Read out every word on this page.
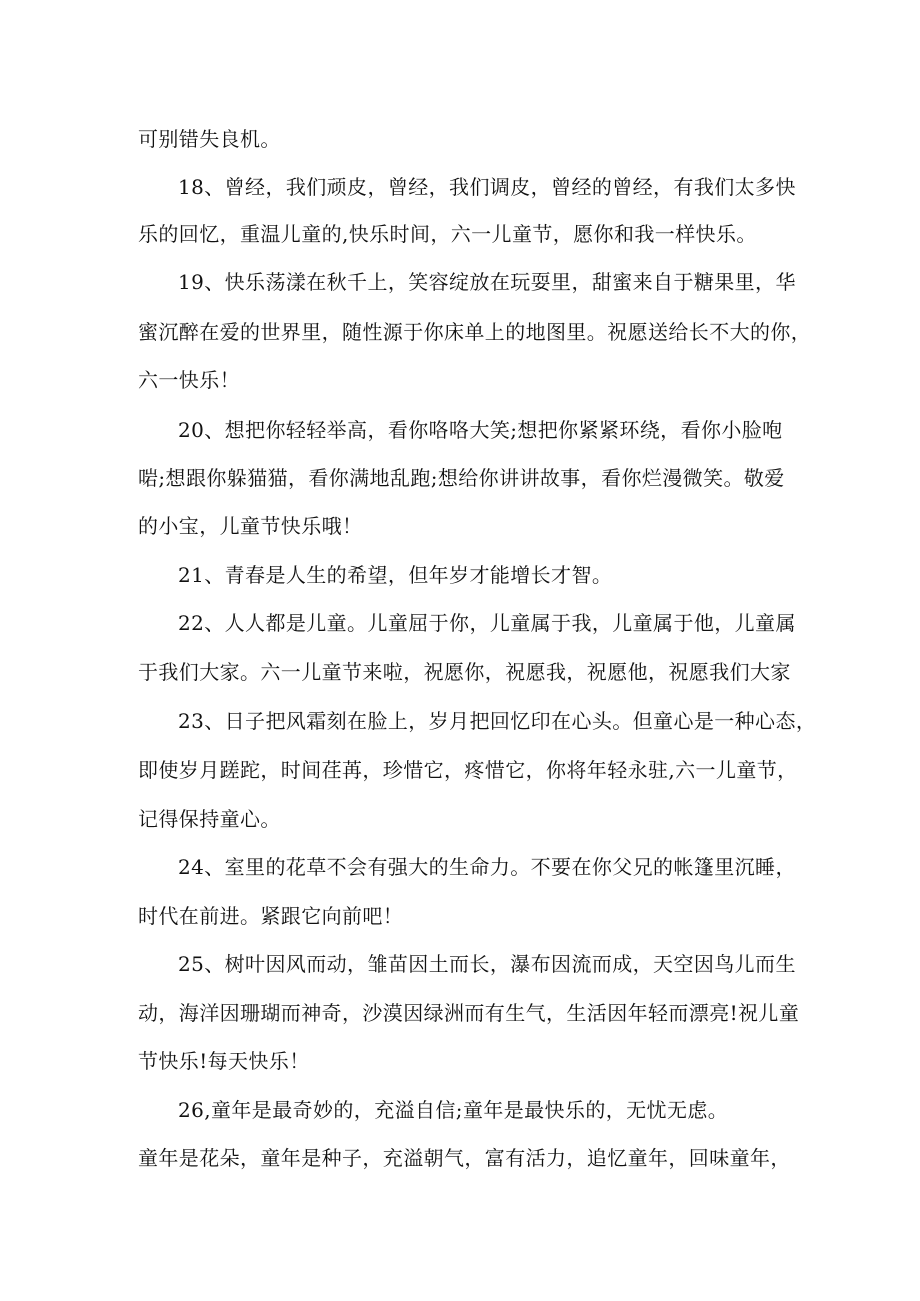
可别错失良机。
18、曾经，我们顽皮，曾经，我们调皮，曾经的曾经，有我们太多快
乐的回忆，重温儿童的,快乐时间，六一儿童节，愿你和我一样快乐。
19、快乐荡漾在秋千上，笑容绽放在玩耍里，甜蜜来自于糖果里，华
蜜沉醉在爱的世界里，随性源于你床单上的地图里。祝愿送给长不大的你，
六一快乐！
20、想把你轻轻举高，看你咯咯大笑;想把你紧紧环绕，看你小脸咆
啱;想跟你躲猫猫，看你满地乱跑;想给你讲讲故事，看你烂漫微笑。敬爱
的小宝，儿童节快乐哦！
21、青春是人生的希望，但年岁才能增长才智。
22、人人都是儿童。儿童屈于你，儿童属于我，儿童属于他，儿童属
于我们大家。六一儿童节来啦，祝愿你，祝愿我，祝愿他，祝愿我们大家
23、日子把风霜刻在脸上，岁月把回忆印在心头。但童心是一种心态，
即使岁月蹉跎，时间荏苒，珍惜它，疼惜它，你将年轻永驻,六一儿童节，
记得保持童心。
24、室里的花草不会有强大的生命力。不要在你父兄的帐篷里沉睡，
时代在前进。紧跟它向前吧！
25、树叶因风而动，雏苗因土而长，瀑布因流而成，天空因鸟儿而生
动，海洋因珊瑚而神奇，沙漠因绿洲而有生气，生活因年轻而漂亮!祝儿童
节快乐!每天快乐！
26,童年是最奇妙的，充溢自信;童年是最快乐的，无忧无虑。
童年是花朵，童年是种子，充溢朝气，富有活力，追忆童年，回味童年，
